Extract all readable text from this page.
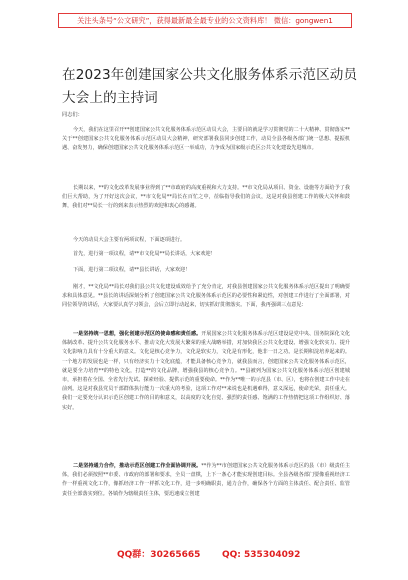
关注头条号“公文研究”，获得最新最全最专业的公文资料库！ 微信：gongwen1
在2023年创建国家公共文化服务体系示范区动员大会上的主持词
同志们：
今天，我们在这里召开**创建国家公共文化服务体系示范区动员大会，主要目的就是学习贯彻党的二十大精神、贯彻落实**关于**创建国家公共文化服务体系示范区动员大会精神，研究部署我县同步创建工作，动员全县各级各部门统一思想、提振机遇、奋发努力，确保创建国家公共文化服务体系示范区一举成功，力争成为国家级示范区公共文化建设先进城市。
长期以来，**的文化改革发展事业得到了**市政府的高度重视和大力支持。**市文化局从项目、资金、设施等方面给予了我们巨大帮助，为了开好这次会议，**市文化局**局长在百忙之中，莅临指导我们的会议，这是对我县创建工作的极大关怀和鼓舞，我们对**局长一行的到来表示热烈的欢迎和衷心的感谢。
今天的动员大会主要有两项议程，下面逐项进行。
首先，进行第一项议程，请**市文化局**局长讲话，大家欢迎！
下面，进行第二项议程，请**县长讲话，大家欢迎！
刚才，**文化局**局长对我们县公共文化建设成效给予了充分肯定，对我县创建国家公共文化服务体系示范区提出了明确要求和具体意见。**县长的讲话深刻分析了创建国家公共文化服务体系示范区的必要性和紧迫性，对创建工作进行了全面部署，对同位领导的讲话，大家要认真学习领会，会后立即行动起来，切实抓好贯彻落实。下面，我再强调三点意见：
一是坚持统一思想，强化创建示范区的使命感和责任感。开展国家公共文化服务体系示范区建设是党中央、国务院深化文化体制改革、提升公共文化服务水平、推动文化大发展大繁荣的重大战略举措，对加快我区公共文化建设、增强文化软实力、提升文化影响力具有十分重大的意义。文化是核心竞争力，文化是软实力，文化是有形化，他非一日之功。是长期积淀培养起来的。一个地方的发展也是一样，只有经济实力十文化底蕴，才能具备核心竞争力，就我县而言，创建国家公共文化服务体系示范区，就是要全力培育**的特色文化，打造**的文化品牌，增强我县的核心竞争力。**县被列为国家公共文化服务体系示范区创建城市，承担着在全国、全省先行先试、探索经验、提供示范的重要使命。**作为**唯一的示范县（市、区），也将在创建工作中走在前列。这是对我县党员干部群体执行能力一次重大的考验，这项工作对**来说也是机遇难得，意义深远，使命光荣，责任重大。我们一定要充分认识示范区创建工作的目的和意义，以高度的文化自觉、强烈的责任感、饱满的工作热情把这项工作组织好、落实好。
二是坚持通力合作，推动示范区创建工作全面协调开展。**作为**市创建国家公共文化服务体系示范区的县（市）级责任主体，我们必须按照**市委、市政府的部署和要求，全员一盘棋，上下一条心才能实现创建目标。全县各级各部门要像重视经济工作一样重视文化工作，像抓经济工作一样抓文化工作，进一步明确职责，通力合作，确保各个方面的主体责任、配合责任、监管责任全部落实到位。各镇作为辖级责任主体，要迅速成立创建
QQ群：30265665 QQ: 535304092
